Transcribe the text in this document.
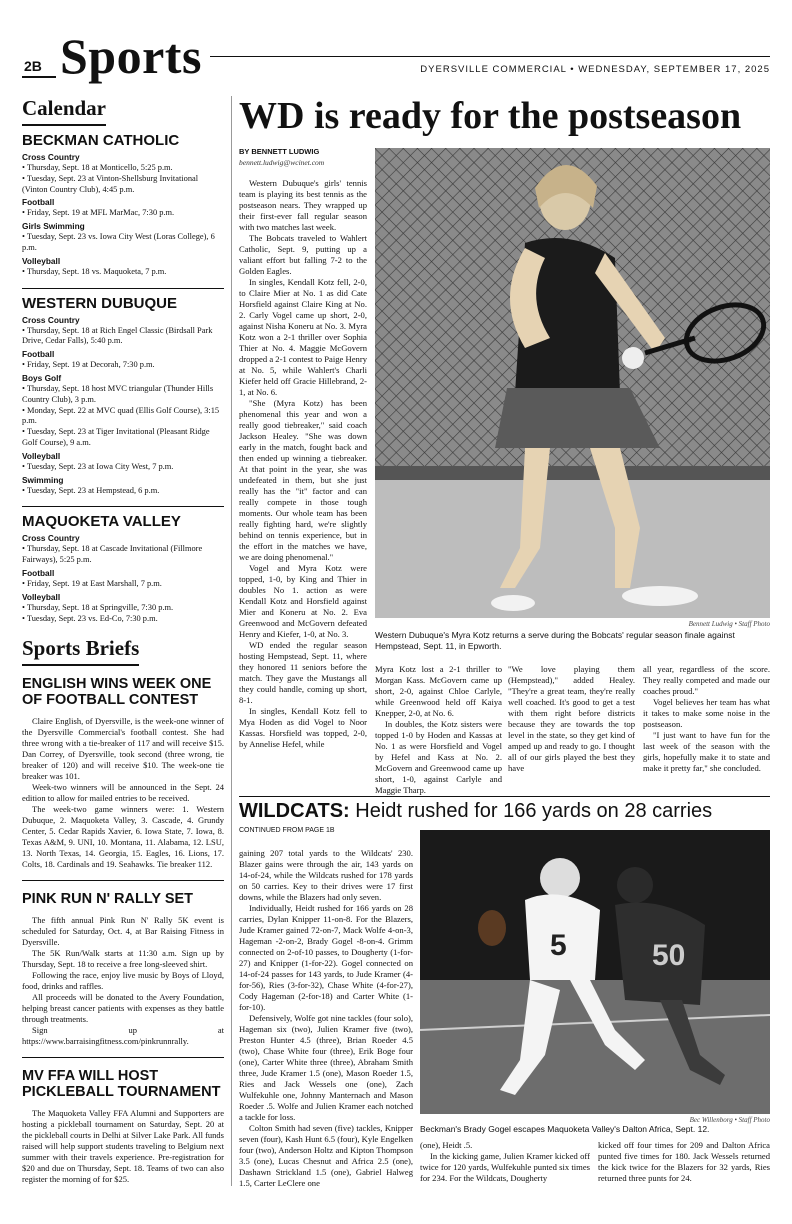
2B Sports	DYERSVILLE COMMERCIAL • WEDNESDAY, SEPTEMBER 17, 2025
Calendar
BECKMAN CATHOLIC
Cross Country
• Thursday, Sept. 18 at Monticello, 5:25 p.m.
• Tuesday, Sept. 23 at Vinton-Shellsburg Invitational (Vinton Country Club), 4:45 p.m.
Football
• Friday, Sept. 19 at MFL MarMac, 7:30 p.m.
Girls Swimming
• Tuesday, Sept. 23 vs. Iowa City West (Loras College), 6 p.m.
Volleyball
• Thursday, Sept. 18 vs. Maquoketa, 7 p.m.
WESTERN DUBUQUE
Cross Country
• Thursday, Sept. 18 at Rich Engel Classic (Birdsall Park Drive, Cedar Falls), 5:40 p.m.
Football
• Friday, Sept. 19 at Decorah, 7:30 p.m.
Boys Golf
• Thursday, Sept. 18 host MVC triangular (Thunder Hills Country Club), 3 p.m.
• Monday, Sept. 22 at MVC quad (Ellis Golf Course), 3:15 p.m.
• Tuesday, Sept. 23 at Tiger Invitational (Pleasant Ridge Golf Course), 9 a.m.
Volleyball
• Tuesday, Sept. 23 at Iowa City West, 7 p.m.
Swimming
• Tuesday, Sept. 23 at Hempstead, 6 p.m.
MAQUOKETA VALLEY
Cross Country
• Thursday, Sept. 18 at Cascade Invitational (Fillmore Fairways), 5:25 p.m.
Football
• Friday, Sept. 19 at East Marshall, 7 p.m.
Volleyball
• Thursday, Sept. 18 at Springville, 7:30 p.m.
• Tuesday, Sept. 23 vs. Ed-Co, 7:30 p.m.
Sports Briefs
ENGLISH WINS WEEK ONE OF FOOTBALL CONTEST

Claire English, of Dyersville, is the week-one winner of the Dyersville Commercial's football contest. She had three wrong with a tie-breaker of 117 and will receive $15. Dan Correy, of Dyersville, took second (three wrong, tie breaker of 120) and will receive $10. The week-one tie breaker was 101.

Week-two winners will be announced in the Sept. 24 edition to allow for mailed entries to be received.

The week-two game winners were: 1. Western Dubuque, 2. Maquoketa Valley, 3. Cascade, 4. Grundy Center, 5. Cedar Rapids Xavier, 6. Iowa State, 7. Iowa, 8. Texas A&M, 9. UNI, 10. Montana, 11. Alabama, 12. LSU, 13. North Texas, 14. Georgia, 15. Eagles, 16. Lions, 17. Colts, 18. Cardinals and 19. Seahawks. Tie breaker 112.

PINK RUN N' RALLY SET

The fifth annual Pink Run N' Rally 5K event is scheduled for Saturday, Oct. 4, at Bar Raising Fitness in Dyersville.

The 5K Run/Walk starts at 11:30 a.m. Sign up by Thursday, Sept. 18 to receive a free long-sleeved shirt.

Following the race, enjoy live music by Boys of Lloyd, food, drinks and raffles.

All proceeds will be donated to the Avery Foundation, helping breast cancer patients with expenses as they battle through treatments.

Sign up at https://www.barraisingfitness.com/pinkrunnrally.

MV FFA WILL HOST PICKLEBALL TOURNAMENT

The Maquoketa Valley FFA Alumni and Supporters are hosting a pickleball tournament on Saturday, Sept. 20 at the pickleball courts in Delhi at Silver Lake Park. All funds raised will help support students traveling to Belgium next summer with their travels experience. Pre-registration for $20 and due on Thursday, Sept. 18. Teams of two can also register the morning of for $25.

WD is ready for the postseason
BY BENNETT LUDWIG
bennett.ludwig@wcinet.com

Western Dubuque's girls' tennis team is playing its best tennis as the postseason nears. They wrapped up their first-ever fall regular season with two matches last week.

The Bobcats traveled to Wahlert Catholic, Sept. 9, putting up a valiant effort but falling 7-2 to the Golden Eagles.

In singles, Kendall Kotz fell, 2-0, to Claire Mier at No. 1 as did Cate Horsfield against Claire King at No. 2. Carly Vogel came up short, 2-0, against Nisha Koneru at No. 3. Myra Kotz won a 2-1 thriller over Sophia Thier at No. 4. Maggie McGovern dropped a 2-1 contest to Paige Henry at No. 5, while Wahlert's Charli Kiefer held off Gracie Hillebrand, 2-1, at No. 6.

"She (Myra Kotz) has been phenomenal this year and won a really good tiebreaker," said coach Jackson Healey. "She was down early in the match, fought back and then ended up winning a tiebreaker. At that point in the year, she was undefeated in them, but she just really has the "it" factor and can really compete in those tough moments. Our whole team has been really fighting hard, we're slightly behind on tennis experience, but in the effort in the matches we have, we are doing phenomenal."

Vogel and Myra Kotz were topped, 1-0, by King and Thier in doubles No 1. action as were Kendall Kotz and Horsfield against Mier and Koneru at No. 2. Eva Greenwood and McGovern defeated Henry and Kiefer, 1-0, at No. 3.

WD ended the regular season hosting Hempstead, Sept. 11, where they honored 11 seniors before the match. They gave the Mustangs all they could handle, coming up short, 8-1.

In singles, Kendall Kotz fell to Mya Hoden as did Vogel to Noor Kassas. Horsfield was topped, 2-0, by Annelise Hefel, while

Bennett Ludwig • Staff Photo
Western Dubuque's Myra Kotz returns a serve during the Bobcats' regular season finale against Hempstead, Sept. 11, in Epworth.

Myra Kotz lost a 2-1 thriller to Morgan Kass. McGovern came up short, 2-0, against Chloe Carlyle, while Greenwood held off Kaiya Knepper, 2-0, at No. 6.

In doubles, the Kotz sisters were topped 1-0 by Hoden and Kassas at No. 1 as were Horsfield and Vogel by Hefel and Kass at No. 2. McGovern and Greenwood came up short, 1-0, against Carlyle and Maggie Tharp.

"We love playing them (Hempstead)," added Healey. "They're a great team, they're really well coached. It's good to get a test with them right before districts because they are towards the top level in the state, so they get kind of amped up and ready to go. I thought all of our girls played the best they have

all year, regardless of the score. They really competed and made our coaches proud."

Vogel believes her team has what it takes to make some noise in the postseason.

"I just want to have fun for the last week of the season with the girls, hopefully make it to state and make it pretty far," she concluded.

WILDCATS: Heidt rushed for 166 yards on 28 carries
CONTINUED FROM PAGE 1B

gaining 207 total yards to the Wildcats' 230. Blazer gains were through the air, 143 yards on 14-of-24, while the Wildcats rushed for 178 yards on 50 carries. Key to their drives were 17 first downs, while the Blazers had only seven.

Individually, Heidt rushed for 166 yards on 28 carries, Dylan Knipper 11-on-8. For the Blazers, Jude Kramer gained 72-on-7, Mack Wolfe 4-on-3, Hageman -2-on-2, Brady Gogel -8-on-4. Grimm connected on 2-of-10 passes, to Dougherty (1-for-27) and Knipper (1-for-22). Gogel connected on 14-of-24 passes for 143 yards, to Jude Kramer (4-for-56), Ries (3-for-32), Chase White (4-for-27), Cody Hageman (2-for-18) and Carter White (1-for-10).

Defensively, Wolfe got nine tackles (four solo), Hageman six (two), Julien Kramer five (two), Preston Hunter 4.5 (three), Brian Roeder 4.5 (two), Chase White four (three), Erik Boge four (one), Carter White three (three), Abraham Smith three, Jude Kramer 1.5 (one), Mason Roeder 1.5, Ries and Jack Wessels one (one), Zach Wulfekuhle one, Johnny Manternach and Mason Roeder .5. Wolfe and Julien Kramer each notched a tackle for loss.

Colton Smith had seven (five) tackles, Knipper seven (four), Kash Hunt 6.5 (four), Kyle Engelken four (two), Anderson Holtz and Kipton Thompson 3.5 (one), Lucas Chesnut and Africa 2.5 (one), Dashawn Strickland 1.5 (one), Gabriel Halweg 1.5, Carter LeClere one

5	50
Bec Willenborg • Staff Photo
Beckman's Brady Gogel escapes Maquoketa Valley's Dalton Africa, Sept. 12.

(one), Heidt .5.

In the kicking game, Julien Kramer kicked off twice for 120 yards, Wulfekuhle punted six times for 234. For the Wildcats, Dougherty

kicked off four times for 209 and Dalton Africa punted five times for 180. Jack Wessels returned the kick twice for the Blazers for 32 yards, Ries returned three punts for 24.
